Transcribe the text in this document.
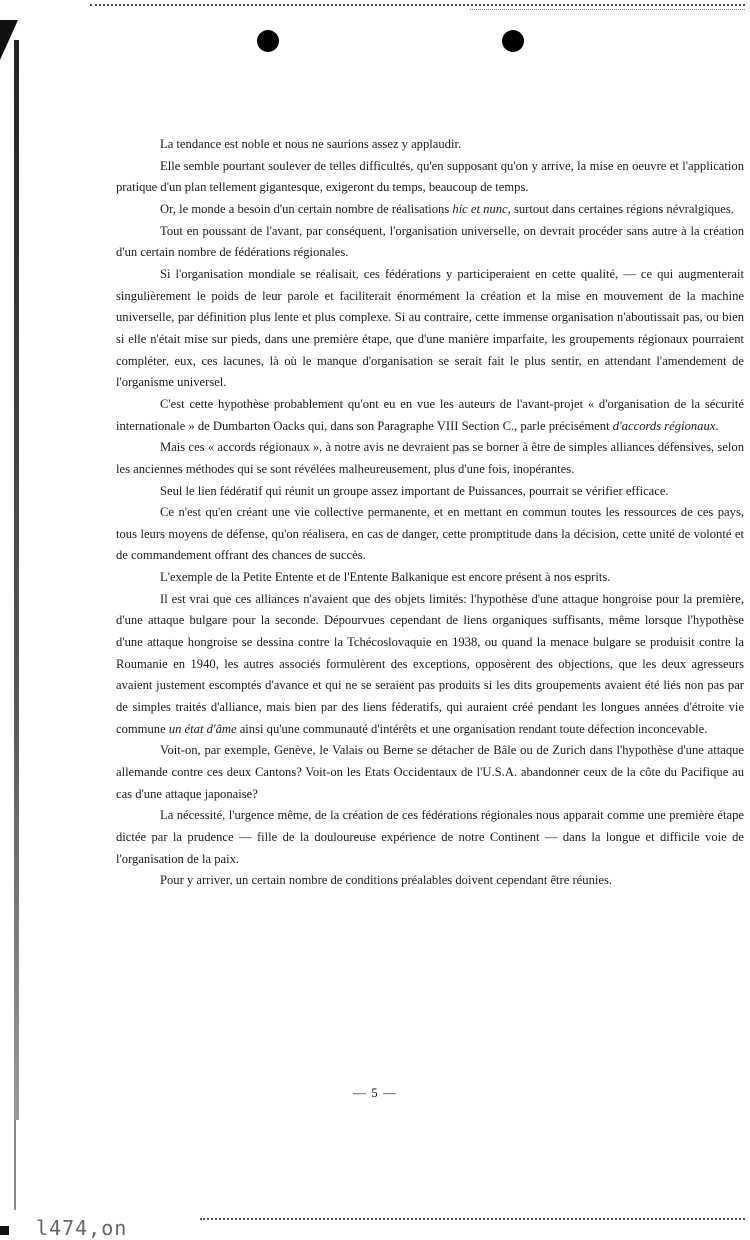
La tendance est noble et nous ne saurions assez y applaudir.

Elle semble pourtant soulever de telles difficultés, qu'en supposant qu'on y arrive, la mise en oeuvre et l'application pratique d'un plan tellement gigantesque, exigeront du temps, beaucoup de temps.

Or, le monde a besoin d'un certain nombre de réalisations hic et nunc, surtout dans certaines régions névralgiques.

Tout en poussant de l'avant, par conséquent, l'organisation universelle, on devrait procéder sans autre à la création d'un certain nombre de fédérations régionales.

Si l'organisation mondiale se réalisait, ces fédérations y participeraient en cette qualité, — ce qui augmenterait singulièrement le poids de leur parole et faciliterait énormément la création et la mise en mouvement de la machine universelle, par définition plus lente et plus complexe. Si au contraire, cette immense organisation n'aboutissait pas, ou bien si elle n'était mise sur pieds, dans une première étape, que d'une manière imparfaite, les groupements régionaux pourraient compléter, eux, ces lacunes, là où le manque d'organisation se serait fait le plus sentir, en attendant l'amendement de l'organisme universel.

C'est cette hypothèse probablement qu'ont eu en vue les auteurs de l'avant-projet « d'organisation de la sécurité internationale » de Dumbarton Oacks qui, dans son Paragraphe VIII Section C., parle précisément d'accords régionaux.

Mais ces « accords régionaux », à notre avis ne devraient pas se borner à être de simples alliances défensives, selon les anciennes méthodes qui se sont révélées malheureusement, plus d'une fois, inopérantes.

Seul le lien fédératif qui réunit un groupe assez important de Puissances, pourrait se vérifier efficace.

Ce n'est qu'en créant une vie collective permanente, et en mettant en commun toutes les ressources de ces pays, tous leurs moyens de défense, qu'on réalisera, en cas de danger, cette promptitude dans la décision, cette unité de volonté et de commandement offrant des chances de succès.

L'exemple de la Petite Entente et de l'Entente Balkanique est encore présent à nos esprits.

Il est vrai que ces alliances n'avaient que des objets limités: l'hypothèse d'une attaque hongroise pour la première, d'une attaque bulgare pour la seconde. Dépourvues cependant de liens organiques suffisants, même lorsque l'hypothèse d'une attaque hongroise se dessina contre la Tchécoslovaquie en 1938, ou quand la menace bulgare se produisit contre la Roumanie en 1940, les autres associés formulèrent des exceptions, opposèrent des objections, que les deux agresseurs avaient justement escomptés d'avance et qui ne se seraient pas produits si les dits groupements avaient été liés non pas par de simples traités d'alliance, mais bien par des liens féderatifs, qui auraient créé pendant les longues années d'étroite vie commune un état d'âme ainsi qu'une communauté d'intérêts et une organisation rendant toute défection inconcevable.

Voit-on, par exemple, Genève, le Valais ou Berne se détacher de Bâle ou de Zurich dans l'hypothèse d'une attaque allemande contre ces deux Cantons? Voit-on les Etats Occidentaux de l'U.S.A. abandonner ceux de la côte du Pacifique au cas d'une attaque japonaise?

La nécessité, l'urgence même, de la création de ces fédérations régionales nous apparait comme une première étape dictée par la prudence — fille de la douloureuse expérience de notre Continent — dans la longue et difficile voie de l'organisation de la paix.

Pour y arriver, un certain nombre de conditions préalables doivent cependant être réunies.

— 5 —
l474,on
